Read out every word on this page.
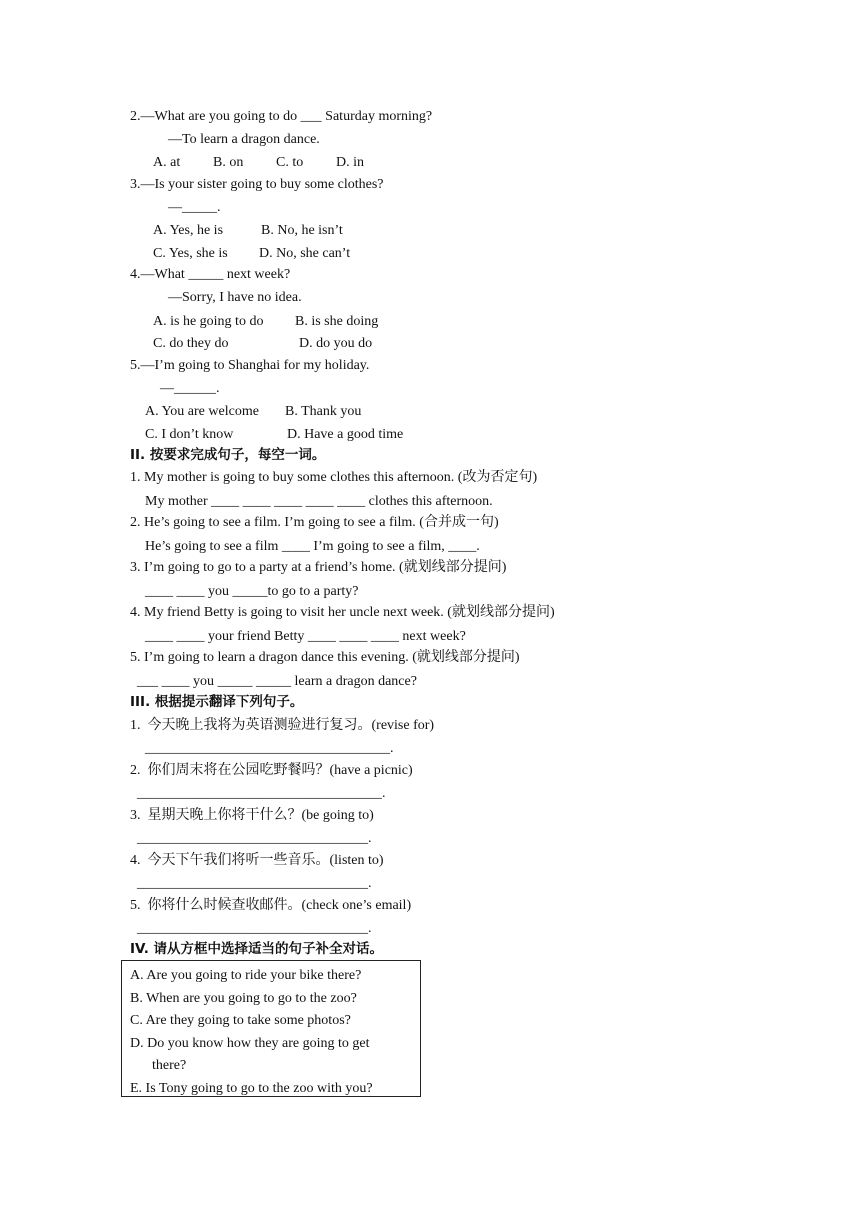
2.—What are you going to do ___ Saturday morning?
—To learn a dragon dance.
A. at B. on C. to D. in
3.—Is your sister going to buy some clothes?
—_____.
A. Yes, he is	B. No, he isn’t
C. Yes, she is D. No, she can’t
4.—What _____ next week?
—Sorry, I have no idea.
A. is he going to do B. is she doing
C. do they do	D. do you do
5.—I’m going to Shanghai for my holiday.
—______.
A. You are welcome B. Thank you
C. I don’t know	D. Have a good time
II. 按要求完成句子，每空一词。
1. My mother is going to buy some clothes this afternoon. (改为否定句)
My mother ____ ____ ____ ____ ____ clothes this afternoon.
2. He’s going to see a film. I’m going to see a film. (合并成一句)
He’s going to see a film ____ I’m going to see a film, ____.
3. I’m going to go to a party at a friend’s home. (就划线部分提问)
____ ____ you _____to go to a party?
4. My friend Betty is going to visit her uncle next week. (就划线部分提问)
____ ____ your friend Betty ____ ____ ____ next week?
5. I’m going to learn a dragon dance this evening. (就划线部分提问)
___ ____ you _____ _____ learn a dragon dance?
III. 根据提示翻译下列句子。
1.  今天晚上我将为英语测验进行复习。(revise for)
___________________________________.
2.  你们周末将在公园吃野餐吗？(have a picnic)
___________________________________.
3.  星期天晚上你将干什么？(be going to)
_________________________________.
4.  今天下午我们将听一些音乐。(listen to)
_________________________________.
5.  你将什么时候查收邮件。(check one’s email)
_________________________________.
IV. 请从方框中选择适当的句子补全对话。
A. Are you going to ride your bike there?
B. When are you going to go to the zoo?
C. Are they going to take some photos?
D. Do you know how they are going to get
there?
E. Is Tony going to go to the zoo with you?
